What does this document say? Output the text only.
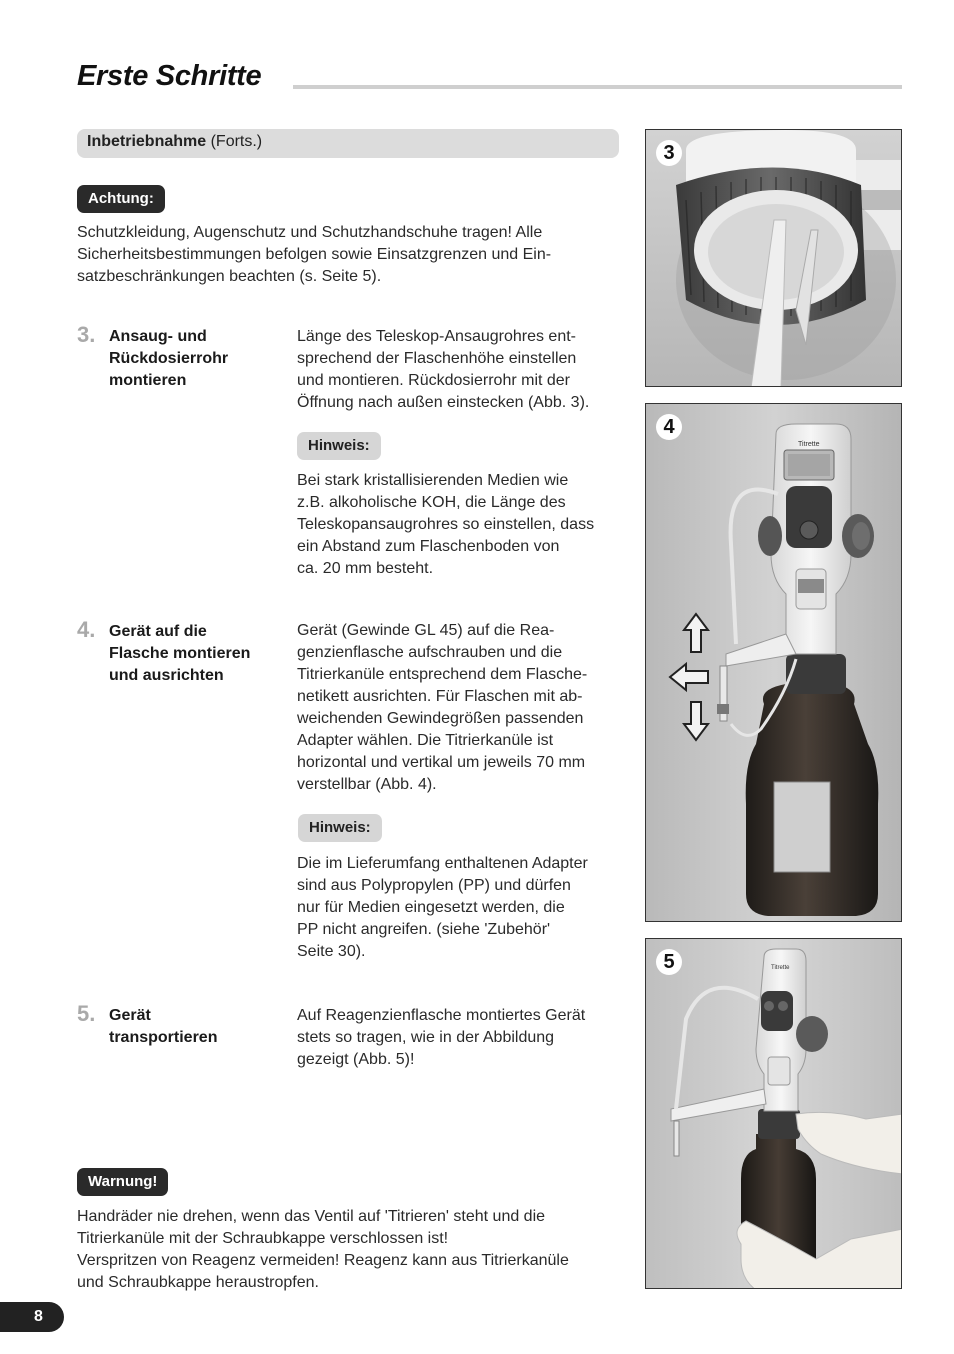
Erste Schritte
Inbetriebnahme (Forts.)
Achtung:
Schutzkleidung, Augenschutz und Schutzhandschuhe tragen! Alle
Sicherheitsbestimmungen befolgen sowie Einsatzgrenzen und Ein-
satzbeschränkungen beachten (s. Seite 5).
3. Ansaug- und
Rückdosierrohr
montieren
Länge des Teleskop-Ansaugrohres ent-
sprechend der Flaschenhöhe einstellen
und montieren. Rückdosierrohr mit der
Öffnung nach außen einstecken (Abb. 3).
Hinweis:
Bei stark kristallisierenden Medien wie
z.B. alkoholische KOH, die Länge des
Teleskopansaugrohres so einstellen, dass
ein Abstand zum Flaschenboden von
ca. 20 mm besteht.
4. Gerät auf die
Flasche montieren
und ausrichten
Gerät (Gewinde GL 45) auf die Rea-
genzienflasche aufschrauben und die
Titrierkanüle entsprechend dem Flasche-
netikett ausrichten. Für Flaschen mit ab-
weichenden Gewindegrößen passenden
Adapter wählen. Die Titrierkanüle ist
horizontal und vertikal um jeweils 70 mm
verstellbar (Abb. 4).
Hinweis:
Die im Lieferumfang enthaltenen Adapter
sind aus Polypropylen (PP) und dürfen
nur für Medien eingesetzt werden, die
PP nicht angreifen. (siehe 'Zubehör'
Seite 30).
5. Gerät
transportieren
Auf Reagenzienflasche montiertes Gerät
stets so tragen, wie in der Abbildung
gezeigt (Abb. 5)!
Warnung!
Handräder nie drehen, wenn das Ventil auf 'Titrieren' steht und die
Titrierkanüle mit der Schraubkappe verschlossen ist!
Verspritzen von Reagenz vermeiden! Reagenz kann aus Titrierkanüle
und Schraubkappe heraustropfen.
3
Titrette
4
Titrette
5
8
